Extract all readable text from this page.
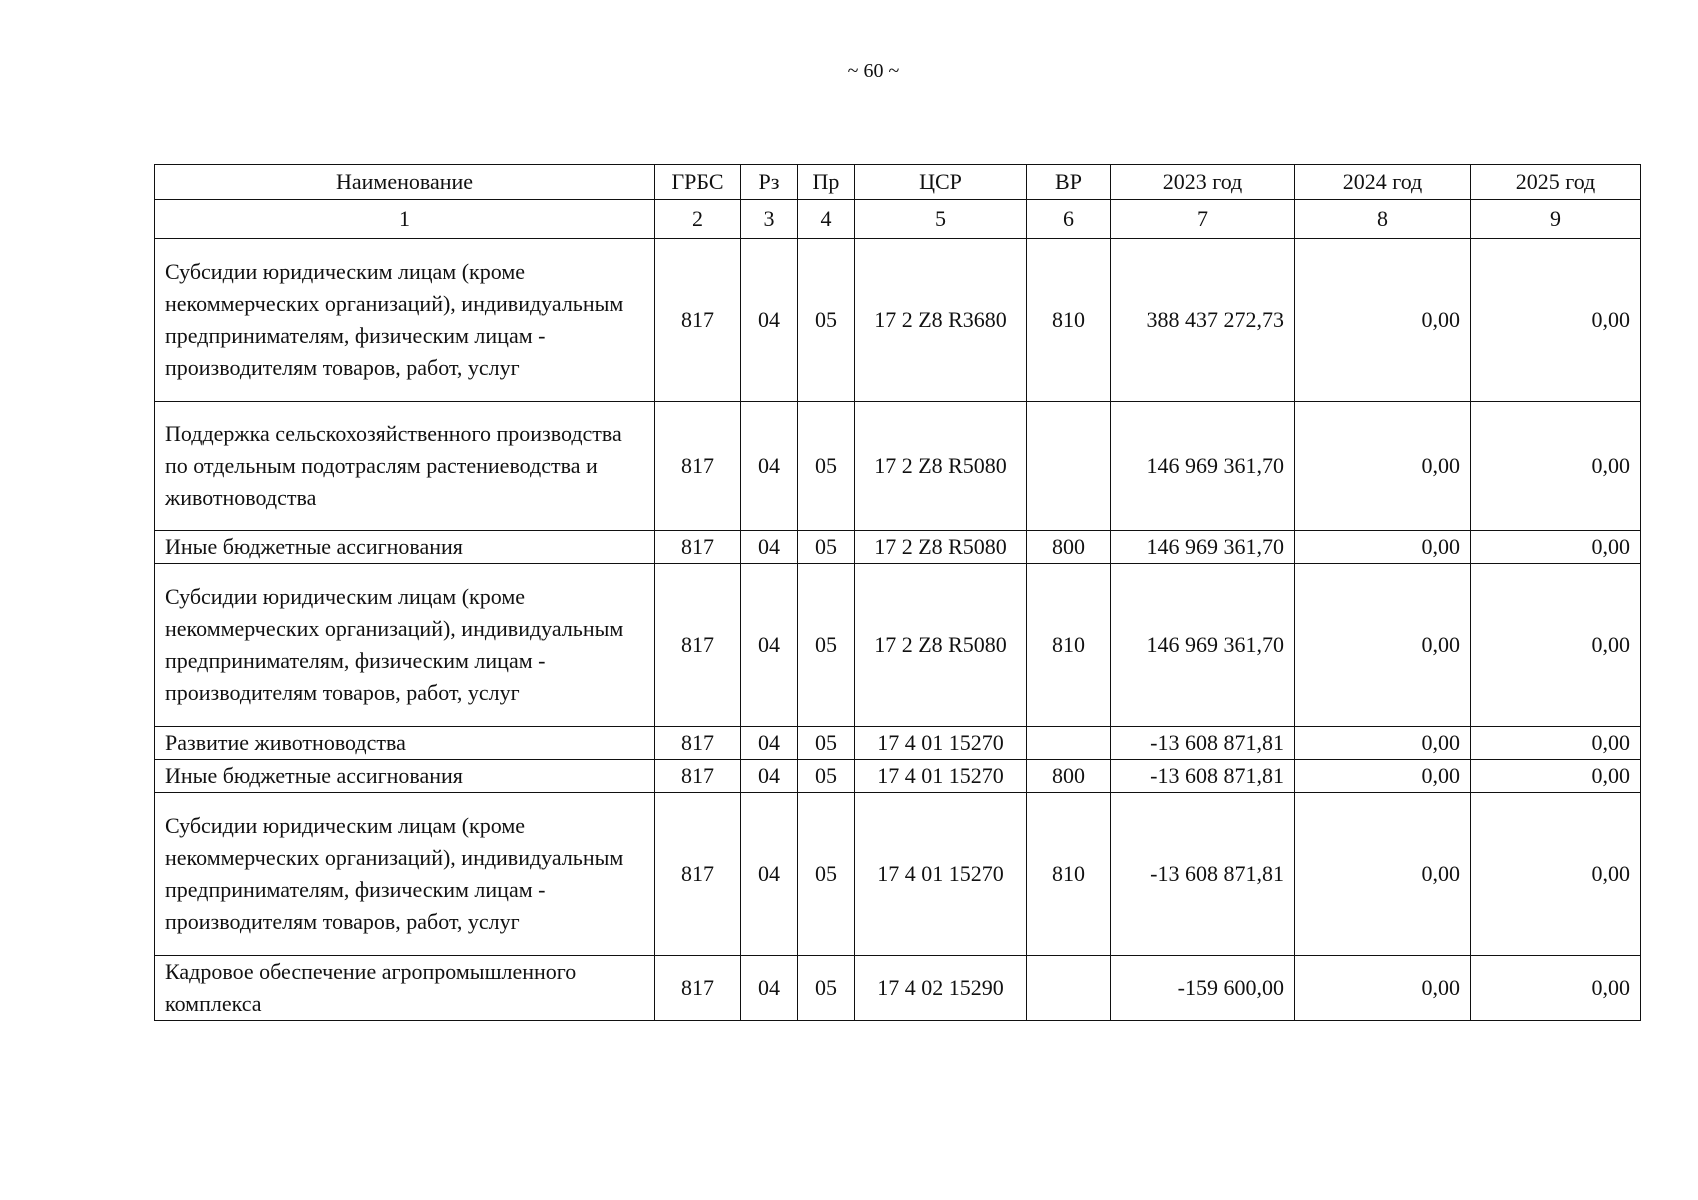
~ 60 ~
Наименование	ГРБС	Рз	Пр	ЦСР	ВР	2023 год	2024 год	2025 год
1	2	3	4	5	6	7	8	9
Субсидии юридическим лицам (кроме некоммерческих организаций), индивидуальным предпринимателям, физическим лицам - производителям товаров, работ, услуг	817	04	05	17 2 Z8 R3680	810	388 437 272,73	0,00	0,00
Поддержка сельскохозяйственного производства по отдельным подотраслям растениеводства и животноводства	817	04	05	17 2 Z8 R5080		146 969 361,70	0,00	0,00
Иные бюджетные ассигнования	817	04	05	17 2 Z8 R5080	800	146 969 361,70	0,00	0,00
Субсидии юридическим лицам (кроме некоммерческих организаций), индивидуальным предпринимателям, физическим лицам - производителям товаров, работ, услуг	817	04	05	17 2 Z8 R5080	810	146 969 361,70	0,00	0,00
Развитие животноводства	817	04	05	17 4 01 15270		-13 608 871,81	0,00	0,00
Иные бюджетные ассигнования	817	04	05	17 4 01 15270	800	-13 608 871,81	0,00	0,00
Субсидии юридическим лицам (кроме некоммерческих организаций), индивидуальным предпринимателям, физическим лицам - производителям товаров, работ, услуг	817	04	05	17 4 01 15270	810	-13 608 871,81	0,00	0,00
Кадровое обеспечение агропромышленного комплекса	817	04	05	17 4 02 15290		-159 600,00	0,00	0,00
